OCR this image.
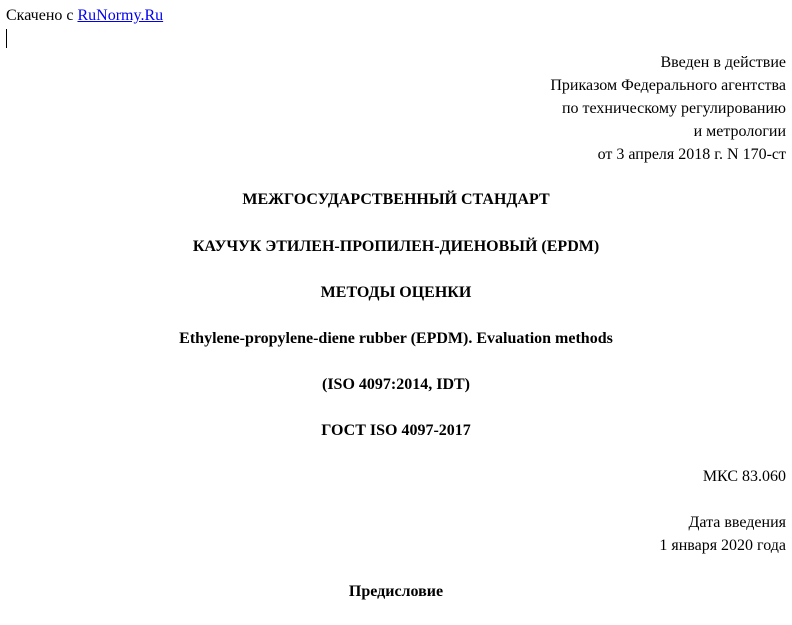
Скачено с RuNormy.Ru
Введен в действие
Приказом Федерального агентства
по техническому регулированию
и метрологии
от 3 апреля 2018 г. N 170-ст
МЕЖГОСУДАРСТВЕННЫЙ СТАНДАРТ
КАУЧУК ЭТИЛЕН-ПРОПИЛЕН-ДИЕНОВЫЙ (EPDM)
МЕТОДЫ ОЦЕНКИ
Ethylene-propylene-diene rubber (EPDM). Evaluation methods
(ISO 4097:2014, IDT)
ГОСТ ISO 4097-2017
МКС 83.060
Дата введения
1 января 2020 года
Предисловие
